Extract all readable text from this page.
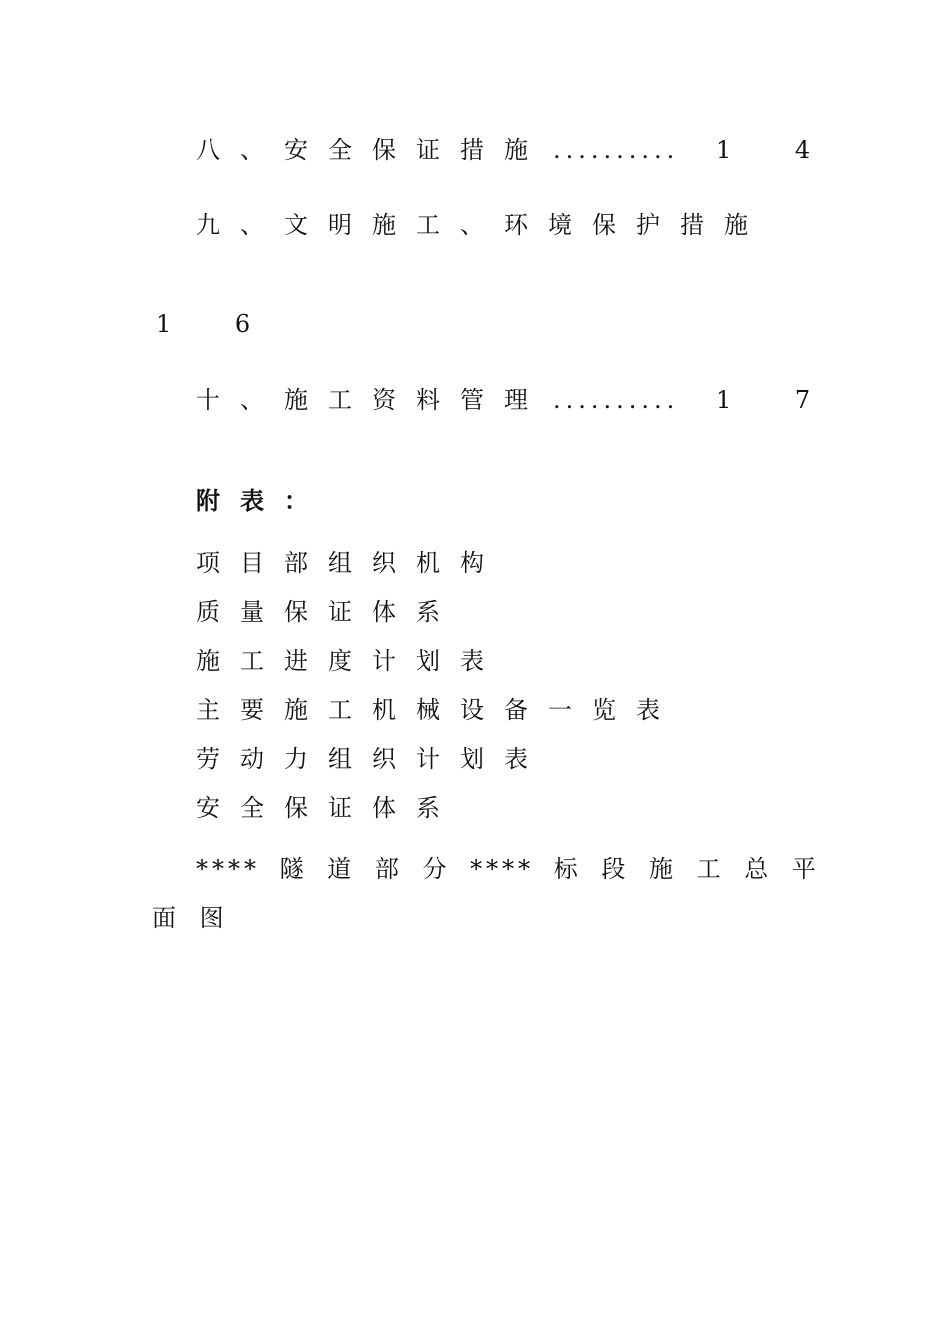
八、安全保证措施 .......... 1 4
九、文明施工、环境保护措施
1 6
十、施工资料管理 .......... 1 7
附表：
项目部组织机构
质量保证体系
施工进度计划表
主要施工机械设备一览表
劳动力组织计划表
安全保证体系
**** 隧 道 部 分 **** 标 段 施 工 总 平
面 图
